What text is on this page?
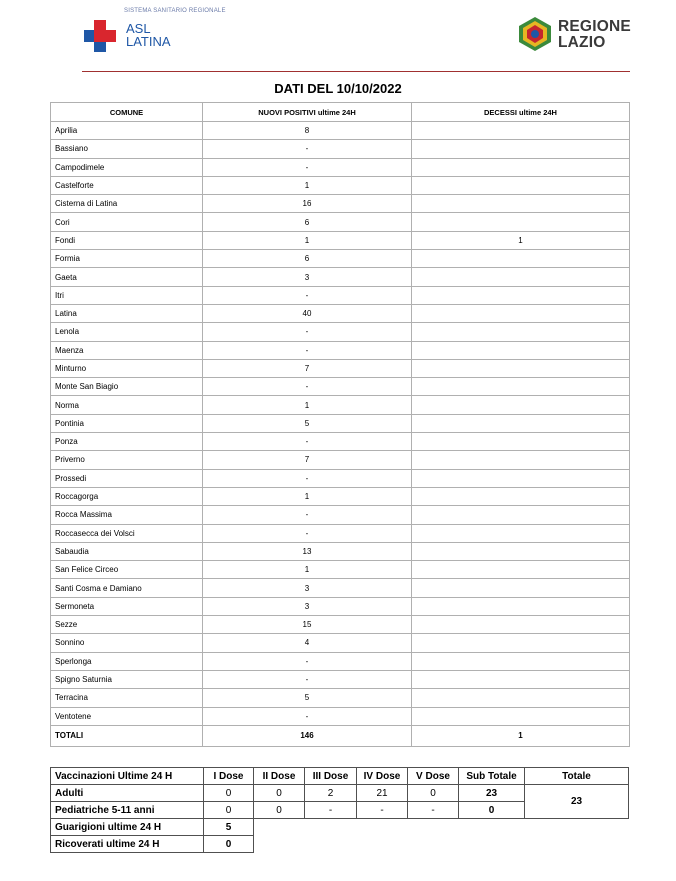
SISTEMA SANITARIO REGIONALE
ASL
LATINA
REGIONE
LAZIO
DATI DEL 10/10/2022
COMUNE	NUOVI POSITIVI ultime 24H	DECESSI ultime 24H
Aprilia	8	
Bassiano	-	
Campodimele	-	
Castelforte	1	
Cisterna di Latina	16	
Cori	6	
Fondi	1	1
Formia	6	
Gaeta	3	
Itri	-	
Latina	40	
Lenola	-	
Maenza	-	
Minturno	7	
Monte San Biagio	-	
Norma	1	
Pontinia	5	
Ponza	-	
Priverno	7	
Prossedi	-	
Roccagorga	1	
Rocca Massima	-	
Roccasecca dei Volsci	-	
Sabaudia	13	
San Felice Circeo	1	
Santi Cosma e Damiano	3	
Sermoneta	3	
Sezze	15	
Sonnino	4	
Sperlonga	-	
Spigno Saturnia	-	
Terracina	5	
Ventotene	-	
TOTALI	146	1
Vaccinazioni Ultime 24 H	I Dose	II Dose	III Dose	IV Dose	V Dose	Sub Totale	Totale
Adulti	0	0	2	21	0	23	23
Pediatriche 5-11 anni	0	0	-	-	-	0	
Guarigioni ultime 24 H	5						
Ricoverati ultime 24 H	0						
